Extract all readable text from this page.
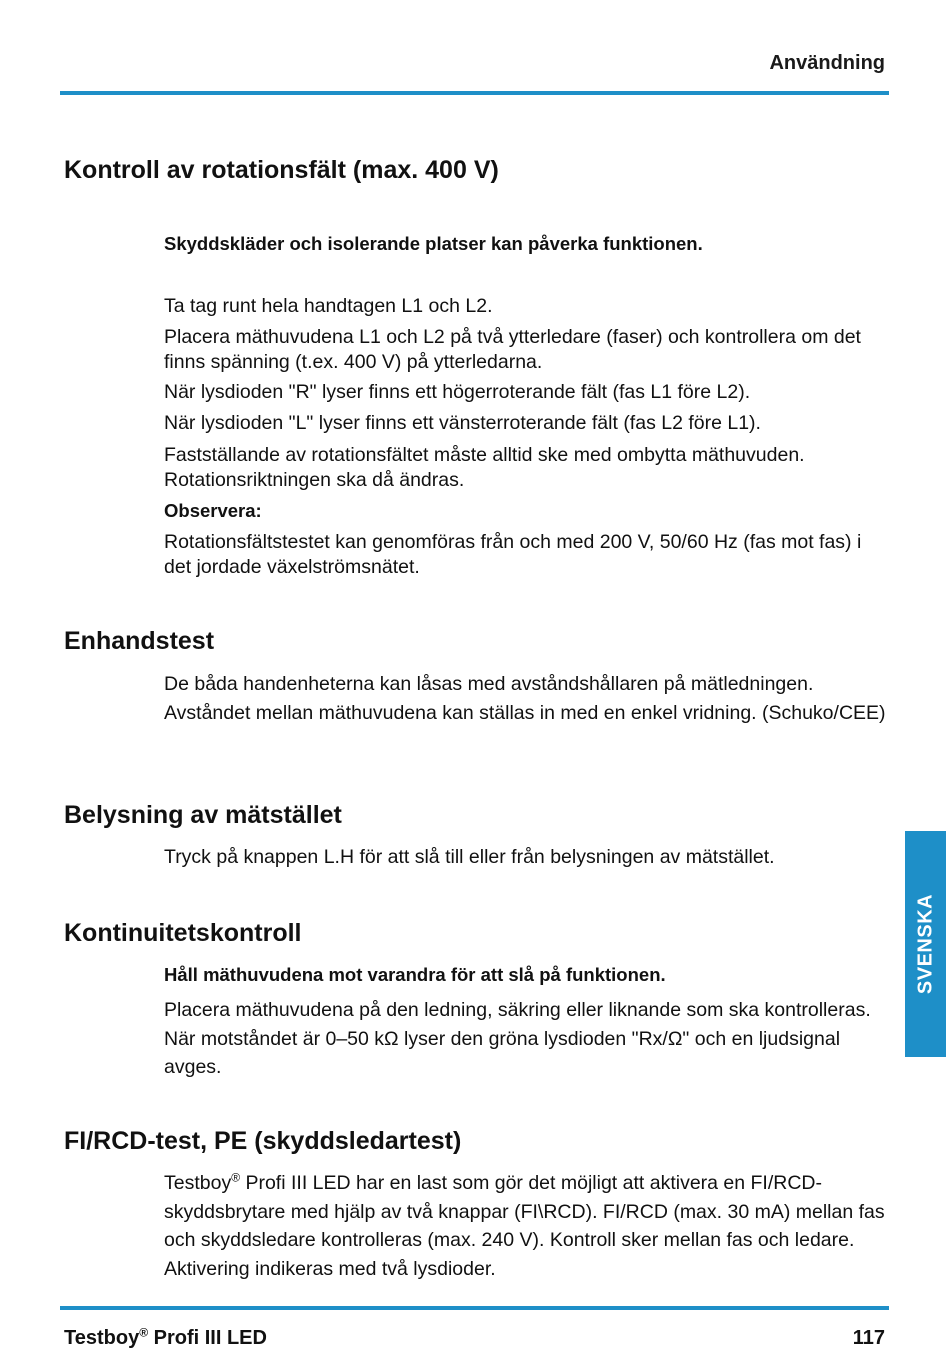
Användning
Kontroll av rotationsfält (max. 400 V)

Skyddskläder och isolerande platser kan påverka funktionen.

Ta tag runt hela handtagen L1 och L2.

Placera mäthuvudena L1 och L2 på två ytterledare (faser) och kontrollera om det finns spänning (t.ex. 400 V) på ytterledarna.

När lysdioden "R" lyser finns ett högerroterande fält (fas L1 före L2).

När lysdioden "L" lyser finns ett vänsterroterande fält (fas L2 före L1).

Fastställande av rotationsfältet måste alltid ske med ombytta mäthuvuden. Rotationsriktningen ska då ändras.

Observera:

Rotationsfältstestet kan genomföras från och med 200 V, 50/60 Hz (fas mot fas) i det jordade växelströmsnätet.

Enhandstest

De båda handenheterna kan låsas med avståndshållaren på mätledningen. Avståndet mellan mäthuvudena kan ställas in med en enkel vridning. (Schuko/CEE)

Belysning av mätstället

Tryck på knappen L.H för att slå till eller från belysningen av mätstället.

Kontinuitetskontroll

Håll mäthuvudena mot varandra för att slå på funktionen.

Placera mäthuvudena på den ledning, säkring eller liknande som ska kontrolleras. När motståndet är 0–50 kΩ lyser den gröna lysdioden "Rx/Ω" och en ljudsignal avges.

FI/RCD-test, PE (skyddsledartest)

Testboy® Profi III LED har en last som gör det möjligt att aktivera en FI/RCD-skyddsbrytare med hjälp av två knappar (FI\RCD). FI/RCD (max. 30 mA) mellan fas och skyddsledare kontrolleras (max. 240 V). Kontroll sker mellan fas och ledare. Aktivering indikeras med två lysdioder.

SVENSKA
Testboy® Profi III LED	117
